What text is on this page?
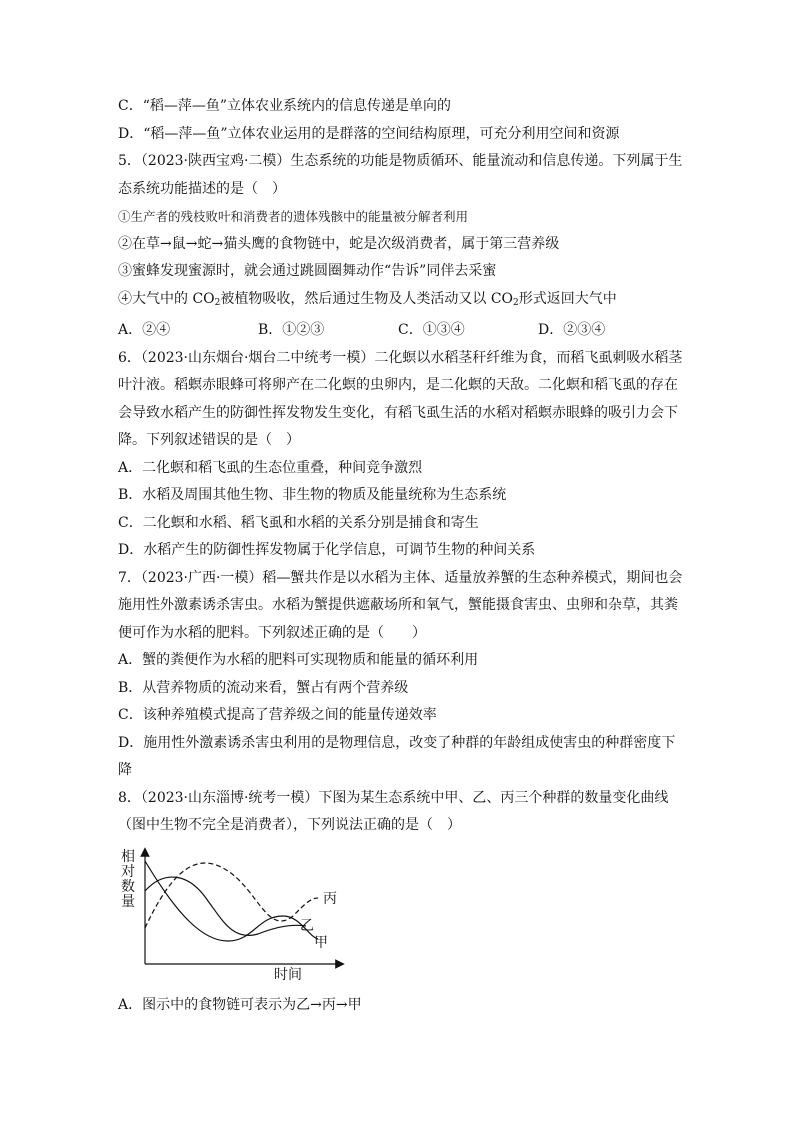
C．“稻—萍—鱼”立体农业系统内的信息传递是单向的
D．“稻—萍—鱼”立体农业运用的是群落的空间结构原理，可充分利用空间和资源
5．（2023·陕西宝鸡·二模）生态系统的功能是物质循环、能量流动和信息传递。下列属于生
态系统功能描述的是（　）
①生产者的残枝败叶和消费者的遗体残骸中的能量被分解者利用
②在草→鼠→蛇→猫头鹰的食物链中，蛇是次级消费者，属于第三营养级
③蜜蜂发现蜜源时，就会通过跳圆圈舞动作“告诉”同伴去采蜜
④大气中的 $CO_2$被植物吸收，然后通过生物及人类活动又以 $CO_2$形式返回大气中
A．②④	B．①②③	C．①③④	D．②③④
6．（2023·山东烟台·烟台二中统考一模）二化螟以水稻茎秆纤维为食，而稻飞虱刺吸水稻茎
叶汁液。稻螟赤眼蜂可将卵产在二化螟的虫卵内，是二化螟的天敌。二化螟和稻飞虱的存在
会导致水稻产生的防御性挥发物发生变化，有稻飞虱生活的水稻对稻螟赤眼蜂的吸引力会下
降。下列叙述错误的是（　）
A．二化螟和稻飞虱的生态位重叠，种间竞争激烈
B．水稻及周围其他生物、非生物的物质及能量统称为生态系统
C．二化螟和水稻、稻飞虱和水稻的关系分别是捕食和寄生
D．水稻产生的防御性挥发物属于化学信息，可调节生物的种间关系
7．（2023·广西·一模）稻—蟹共作是以水稻为主体、适量放养蟹的生态种养模式，期间也会
施用性外激素诱杀害虫。水稻为蟹提供遮蔽场所和氧气，蟹能摄食害虫、虫卵和杂草，其粪
便可作为水稻的肥料。下列叙述正确的是（　　）
A．蟹的粪便作为水稻的肥料可实现物质和能量的循环利用
B．从营养物质的流动来看，蟹占有两个营养级
C．该种养殖模式提高了营养级之间的能量传递效率
D．施用性外激素诱杀害虫利用的是物理信息，改变了种群的年龄组成使害虫的种群密度下
降
8．（2023·山东淄博·统考一模）下图为某生态系统中甲、乙、丙三个种群的数量变化曲线
（图中生物不完全是消费者），下列说法正确的是（　）
相
对
数
量	丙
乙
甲
时间
A．图示中的食物链可表示为乙→丙→甲
